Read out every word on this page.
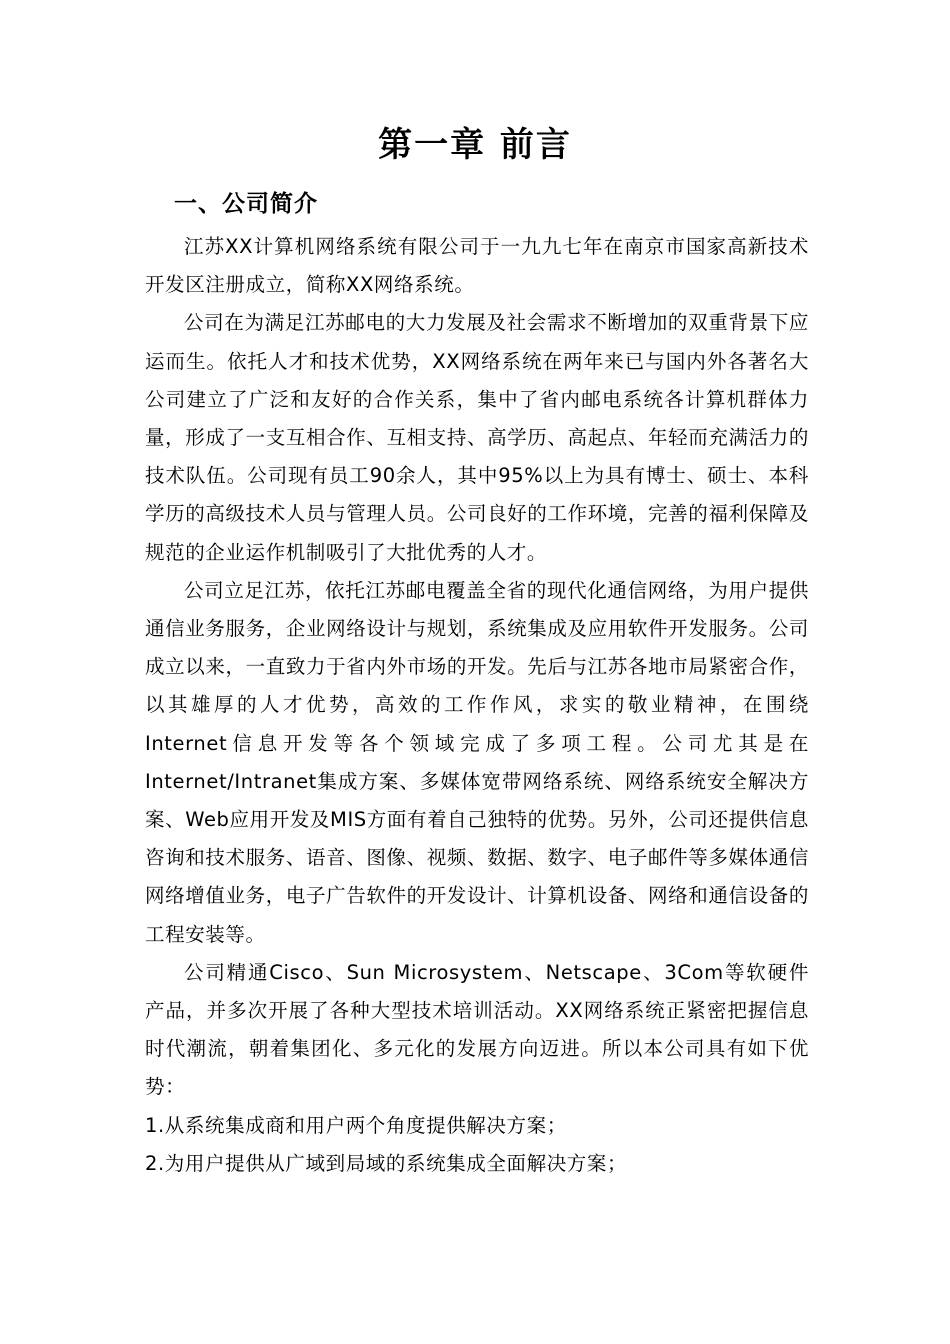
第一章 前言
一、公司简介

江苏XX计算机网络系统有限公司于一九九七年在南京市国家高新技术开发区注册成立，简称XX网络系统。

公司在为满足江苏邮电的大力发展及社会需求不断增加的双重背景下应运而生。依托人才和技术优势，XX网络系统在两年来已与国内外各著名大公司建立了广泛和友好的合作关系，集中了省内邮电系统各计算机群体力量，形成了一支互相合作、互相支持、高学历、高起点、年轻而充满活力的技术队伍。公司现有员工90余人，其中95%以上为具有博士、硕士、本科学历的高级技术人员与管理人员。公司良好的工作环境，完善的福利保障及规范的企业运作机制吸引了大批优秀的人才。

公司立足江苏，依托江苏邮电覆盖全省的现代化通信网络，为用户提供通信业务服务，企业网络设计与规划，系统集成及应用软件开发服务。公司成立以来，一直致力于省内外市场的开发。先后与江苏各地市局紧密合作，以其雄厚的人才优势，高效的工作作风，求实的敬业精神，在围绕Internet信息开发等各个领域完成了多项工程。公司尤其是在Internet/Intranet集成方案、多媒体宽带网络系统、网络系统安全解决方案、Web应用开发及MIS方面有着自己独特的优势。另外，公司还提供信息咨询和技术服务、语音、图像、视频、数据、数字、电子邮件等多媒体通信网络增值业务，电子广告软件的开发设计、计算机设备、网络和通信设备的工程安装等。

公司精通Cisco、Sun Microsystem、Netscape、3Com等软硬件产品，并多次开展了各种大型技术培训活动。XX网络系统正紧密把握信息时代潮流，朝着集团化、多元化的发展方向迈进。所以本公司具有如下优势：

1.从系统集成商和用户两个角度提供解决方案；

2.为用户提供从广域到局域的系统集成全面解决方案；
